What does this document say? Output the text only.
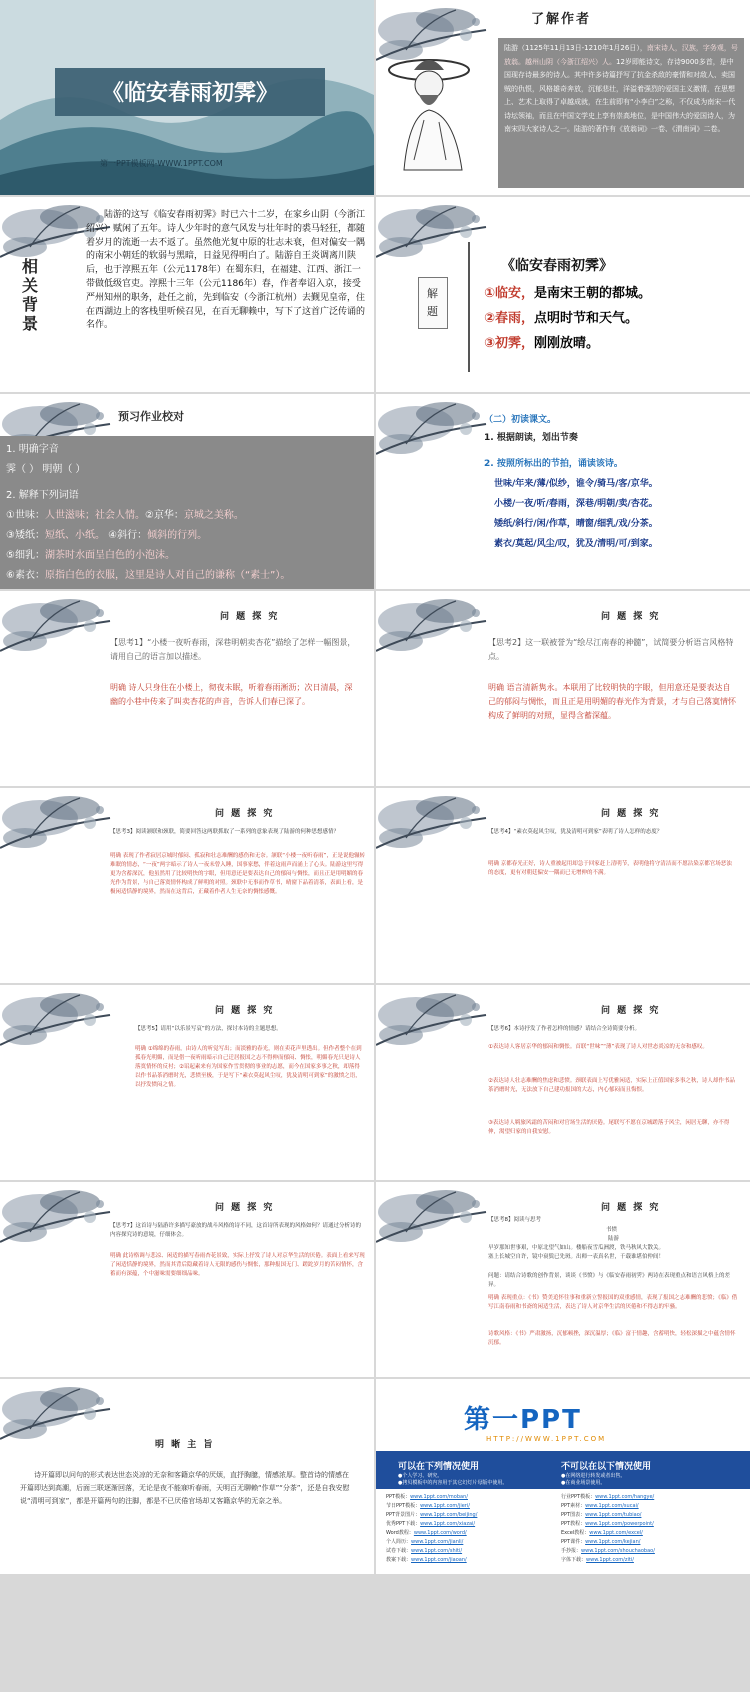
《临安春雨初霁》
第一PPT模板网-WWW.1PPT.COM
了解作者
陆游（1125年11月13日-1210年1月26日），南宋诗人，汉族，字务观，号放翁。越州山阴（今浙江绍兴）人。12岁即能诗文，存诗9000多首，是中国现存诗最多的诗人。其中许多诗篇抒写了抗金杀敌的豪情和对敌人、卖国贼的仇恨，风格雄奇奔放，沉郁悲壮，洋溢着强烈的爱国主义激情，在思想上、艺术上取得了卓越成就，在生前即有“小李白”之称，不仅成为南宋一代诗坛领袖，而且在中国文学史上享有崇高地位，是中国伟大的爱国诗人，为南宋四大家诗人之一。陆游的著作有《放翁词》一卷、《渭南词》二卷。
相关背景
陆游的这写《临安春雨初霁》时已六十二岁，在家乡山阴（今浙江绍兴）赋闲了五年。诗人少年时的意气风发与壮年时的裘马轻狂，都随着岁月的流逝一去不返了。虽然他光复中原的壮志未衰，但对偏安一隅的南宋小朝廷的软弱与黑暗，日益见得明白了。陆游自王炎调离川陕后，也于淳熙五年（公元1178年）在蜀东归，在福建、江西、浙江一带做低级官吏。淳熙十三年（公元1186年）春，作者奉诏入京，接受严州知州的职务，赴任之前，先到临安（今浙江杭州）去觐见皇帝，住在西湖边上的客栈里听候召见，在百无聊赖中，写下了这首广泛传诵的名作。
解题
《临安春雨初霁》
①临安，是南宋王朝的都城。
②春雨，点明时节和天气。
③初霁，刚刚放晴。
预习作业校对
1. 明确字音
霁（ ） 明朝（ ）
2. 解释下列词语
①世味：人世滋味；社会人情。②京华：京城之美称。
③矮纸：短纸、小纸。 ④斜行：倾斜的行列。
⑤细乳：湖茶时水面呈白色的小泡沫。
⑥素衣：原指白色的衣服，这里是诗人对自己的谦称（“素士”）。
（二）初读课文。
1. 根据朗读，划出节奏
2. 按照所标出的节拍，诵读该诗。
世味/年来/薄/似纱，谁令/骑马/客/京华。
小楼/一夜/听/春雨，深巷/明朝/卖/杏花。
矮纸/斜行/闲/作草，晴窗/细乳/戏/分茶。
素衣/莫起/风尘/叹，犹及/清明/可/到家。
问 题 探 究
【思考1】“小楼一夜听春雨，深巷明朝卖杏花”描绘了怎样一幅图景，请用自己的语言加以描述。
明确 诗人只身住在小楼上，彻夜未眠，听着春雨淅沥；次日清晨，深幽的小巷中传来了叫卖杏花的声音，告诉人们春已深了。
问 题 探 究
【思考2】这一联被誉为“绘尽江南春的神髓”，试简要分析语言风格特点。
明确 语言清新隽永。本联用了比较明快的字眼，但用意还是要表达自己的郁闷与惆怅，而且正是用明媚的春光作为背景，才与自己落寞情怀构成了鲜明的对照，显得含蓄深蕴。
问 题 探 究
【思考3】阅读颔联和颈联，简要回答这两联抓取了一系列的意象表现了陆游的何种思想感情？
明确 表现了作者寂居京城时郁闷、孤寂和壮志难酬的感伤和无奈。颔联“小楼一夜听春雨”，正是说他辗转难眠的情态，“一夜”两字暗示了诗人一夜未曾入睡，国事家愁，伴着这雨声而涌上了心头。陆游这里写得更为含蓄深沉，他虽然用了比较明快的字眼，但用意还是要表达自己的郁闷与惆怅，而且正是用明媚的春光作为背景，与自己落寞情怀构成了鲜明的对照。颈联中无事而作草书，晴窗下品着清茶，表面上看，是极闲适恬静的境界，然而在这背后，正藏着作者人生无奈的惆怅感慨。
问 题 探 究
【思考4】“素衣莫起风尘叹，犹及清明可到家”表明了诗人怎样的态度？
明确 京都春光正好，诗人重被起用却急于回家赶上清明节，表明他将守清洁而不愿沾染京都官场恶浊的态度，更有对朝廷偏安一隅而已无增伸的不满。
问 题 探 究
【思考5】请用“以乐景写哀”的方法，探讨本诗的主题思想。
明确 ①绵绵的春雨，由诗人的听觉写出；而淡雅的春光，则在卖花声里透出。但作者整个在到孤春光明媚，而是借一夜听雨暗示自己迁居报国之志不得伸而郁闷、惆怅，明媚春光只是诗人落寞情怀的反衬；②诏起素来有为国家作雪贯彻的事业的志愿，而今在国家多事之秋，却落得以作书品茶消磨时光，悲愤至极，于是写下“素衣莫起风尘叹，犹及清明可到家”的激愤之语，以抒发愤闷之情。
问 题 探 究
【思考6】本诗抒发了作者怎样的情感？请结合全诗简要分析。
①表达诗人客居京华的郁闷和惆怅。首联“世味”“薄”表现了诗人对世态炎凉的无奈和感叹。
②表达诗人壮志难酬的焦虑和悲愤。颈联表面上写优雅闲适，实际上正值国家多事之秋，诗人却作书品茶消磨时光，无法放下自己建功报国的大志，内心郁闷而且悔恨。
③表达诗人羁旅风霜的苦闷和对官场生活的厌倦。尾联写不愿在京城蹉落于风尘，闲居无聊，亦不得伸，渴望归家的自我安慰。
问 题 探 究
【思考7】这首诗与陆游许多描写豪放的战斗风格的诗不同，这首诗所表现的风格如何？请通过分析诗的内容探究诗的意境，仔细体会。
明确 此诗格调与悲凉、闲适的描写春雨杏花景致，实际上抒发了诗人对京华生活的厌倦。表面上看来写现了闲适恬静的境界，然而其背后隐藏着诗人无限的感伤与惆怅，那种报国无门、蹉跎岁月的苦闷情怀，含蓄而有深蕴，个中滋味需要细细品味。
问 题 探 究
【思考8】阅读与思考
书愤
陆游
早岁那知世事艰，中原北望气如山。楼船夜雪瓜洲渡，铁马秋风大散关。
塞上长城空自许，镜中衰鬓已先斑。出师一表真名世，千载谁堪伯仲间！
问题：请结合诗歌的创作背景，谈谈《书愤》与《临安春雨初霁》两诗在表现重点和语言风格上的差异。
明确 表现重点：《书》赞美追怀往事和重新立誓报国的双重感情，表现了报国之志难酬的悲愤；《临》借写江南春雨和书斋的闲适生活，表达了诗人对京华生活的厌倦和不得志的牢骚。
诗歌风格：《书》严肃激扬，沉郁顿挫，深沉温厚；《临》富于情趣，含蓄明快，轻松深描之中蕴含情怀沉郁。
明 晰 主 旨
诗开篇即以问句的形式表达世态炎凉的无奈和客籍京华的厌烦，直抒胸臆，情感浓厚。整首诗的情感在开篇即达到高潮，后面三联逐渐回落，无论是夜不能寐听春雨，天明百无聊赖“作草”“分茶”，还是自我安慰说“清明可到家”，都是开篇两句的注脚，都是不已厌倦官场却又客籍京华的无奈之举。
第一PPT
HTTP://WWW.1PPT.COM
可以在下列情况使用
●个人学习、研究。
●拷贝模板中的内容用于其它幻灯片母版中使用。
不可以在以下情况使用
●在网络进行转发或者出售。
●在商业场景使用。
PPT模板：www.1ppt.com/moban/
节日PPT模板：www.1ppt.com/jieri/
PPT背景图片：www.1ppt.com/beijing/
优秀PPT下载：www.1ppt.com/xiazai/
Word教程：www.1ppt.com/word/
个人简历：www.1ppt.com/jianli/
试卷下载：www.1ppt.com/shiti/
教案下载：www.1ppt.com/jiaoan/
行业PPT模板：www.1ppt.com/hangye/
PPT素材：www.1ppt.com/sucai/
PPT图表：www.1ppt.com/tubiao/
PPT教程：www.1ppt.com/powerpoint/
Excel教程：www.1ppt.com/excel/
PPT课件：www.1ppt.com/kejian/
手抄报：www.1ppt.com/shouchaobao/
字体下载：www.1ppt.com/ziti/
